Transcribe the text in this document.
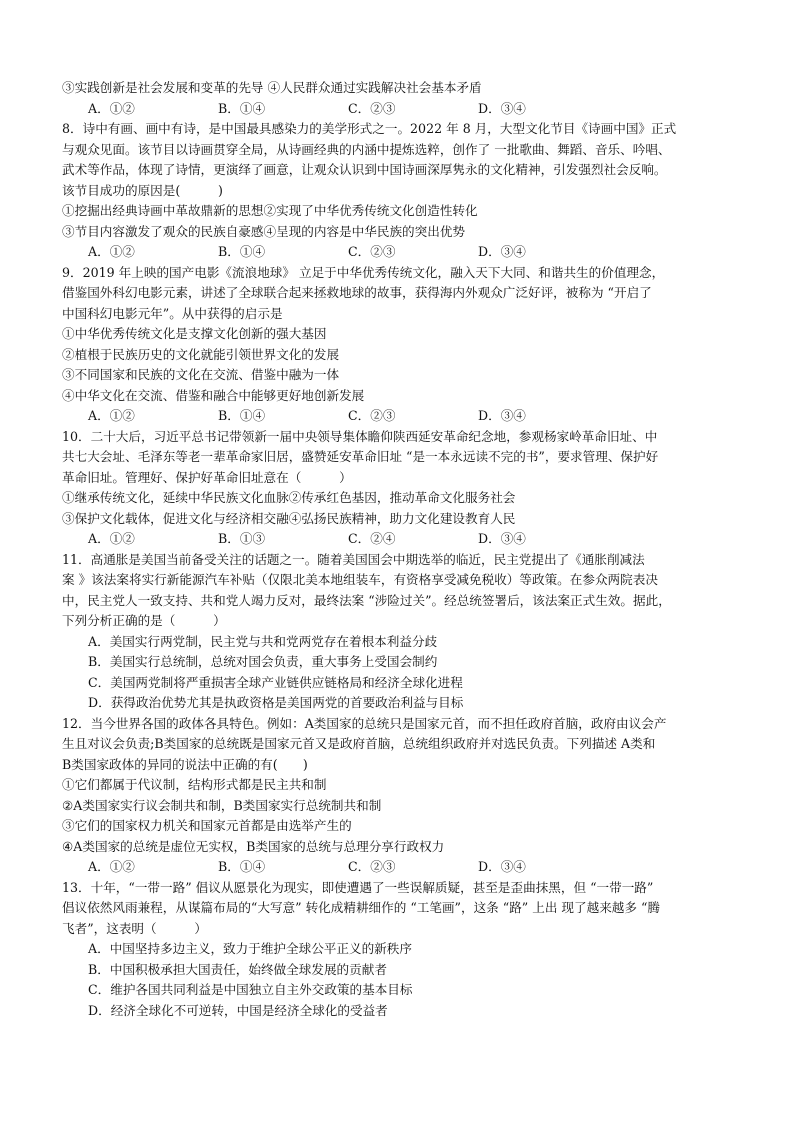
③实践创新是社会发展和变革的先导 ④人民群众通过实践解决社会基本矛盾
A．①②	B．①④	C．②③	D．③④
8．诗中有画、画中有诗，是中国最具感染力的美学形式之一。2022 年 8 月，大型文化节目《诗画中国》正式
与观众见面。该节目以诗画贯穿全局，从诗画经典的内涵中提炼选粹，创作了 一批歌曲、舞蹈、音乐、吟唱、
武术等作品，体现了诗情，更演绎了画意，让观众认识到中国诗画深厚隽永的文化精神，引发强烈社会反响。
该节目成功的原因是(　　　)
①挖掘出经典诗画中革故鼎新的思想②实现了中华优秀传统文化创造性转化
③节目内容激发了观众的民族自豪感④呈现的内容是中华民族的突出优势
A．①②	B．①④	C．②③	D．③④
9．2019 年上映的国产电影《流浪地球》 立足于中华优秀传统文化，融入天下大同、和谐共生的价值理念，
借鉴国外科幻电影元素，讲述了全球联合起来拯救地球的故事，获得海内外观众广泛好评，被称为 “开启了
中国科幻电影元年”。从中获得的启示是
①中华优秀传统文化是支撑文化创新的强大基因
②植根于民族历史的文化就能引领世界文化的发展
③不同国家和民族的文化在交流、借鉴中融为一体
④中华文化在交流、借鉴和融合中能够更好地创新发展
A．①②	B．①④	C．②③	D．③④
10．二十大后，习近平总书记带领新一届中央领导集体瞻仰陕西延安革命纪念地，参观杨家岭革命旧址、中
共七大会址、毛泽东等老一辈革命家旧居，盛赞延安革命旧址 “是一本永远读不完的书”，要求管理、保护好
革命旧址。管理好、保护好革命旧址意在（　　　）
①继承传统文化，延续中华民族文化血脉②传承红色基因，推动革命文化服务社会
③保护文化载体，促进文化与经济相交融④弘扬民族精神，助力文化建设教育人民
A．①②	B．①③	C．②④	D．③④
11．高通胀是美国当前备受关注的话题之一。随着美国国会中期选举的临近，民主党提出了《通胀削减法
案 》该法案将实行新能源汽车补贴（仅限北美本地组装车，有资格享受减免税收）等政策。在参众两院表决
中，民主党人一致支持、共和党人竭力反对，最终法案 “涉险过关”。经总统签署后，该法案正式生效。据此，
下列分析正确的是（　　　）
A．美国实行两党制，民主党与共和党两党存在着根本利益分歧
B．美国实行总统制，总统对国会负责，重大事务上受国会制约
C．美国两党制将严重损害全球产业链供应链格局和经济全球化进程
D．获得政治优势尤其是执政资格是美国两党的首要政治利益与目标
12．当今世界各国的政体各具特色。例如：A类国家的总统只是国家元首，而不担任政府首脑，政府由议会产
生且对议会负责;B类国家的总统既是国家元首又是政府首脑，总统组织政府并对选民负责。下列描述 A类和
B类国家政体的异同的说法中正确的有(　　)
①它们都属于代议制，结构形式都是民主共和制
②A类国家实行议会制共和制，B类国家实行总统制共和制
③它们的国家权力机关和国家元首都是由选举产生的
④A类国家的总统是虚位无实权，B类国家的总统与总理分享行政权力
A．①②	B．①④	C．②③	D．③④
13．十年，“一带一路” 倡议从愿景化为现实，即使遭遇了一些误解质疑，甚至是歪曲抹黑，但 “一带一路”
倡议依然风雨兼程，从谋篇布局的“大写意” 转化成精耕细作的 “工笔画”，这条 “路” 上出 现了越来越多 “腾
飞者”，这表明（　　　）
A．中国坚持多边主义，致力于维护全球公平正义的新秩序
B．中国积极承担大国责任，始终做全球发展的贡献者
C．维护各国共同利益是中国独立自主外交政策的基本目标
D．经济全球化不可逆转，中国是经济全球化的受益者
